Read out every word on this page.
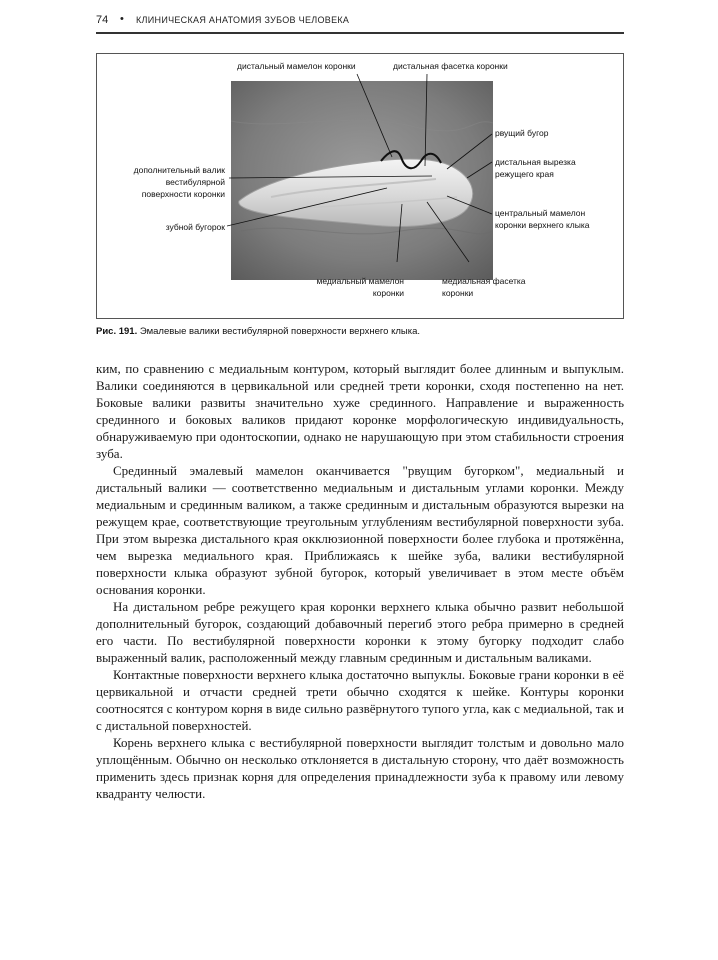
74 • КЛИНИЧЕСКАЯ АНАТОМИЯ ЗУБОВ ЧЕЛОВЕКА
дистальный мамелон коронки	дистальная фасетка коронки
рвущий бугор
дистальная вырезка
режущего края
дополнительный валик
вестибулярной
поверхности коронки
зубной бугорок
центральный мамелон
коронки верхнего клыка
медиальный мамелон
коронки
медиальная фасетка
коронки
Рис. 191. Эмалевые валики вестибулярной поверхности верхнего клыка.

ким, по сравнению с медиальным контуром, который выглядит более длинным и выпуклым. Валики соединяются в цервикальной или средней трети коронки, сходя постепенно на нет. Боковые валики развиты значительно хуже срединного. Направление и выраженность срединного и боковых валиков придают коронке морфологическую индивидуальность, обнаруживаемую при одонтоскопии, однако не нарушающую при этом стабильности строения зуба.

Срединный эмалевый мамелон оканчивается "рвущим бугорком", медиальный и дистальный валики — соответственно медиальным и дистальным углами коронки. Между медиальным и срединным валиком, а также срединным и дистальным образуются вырезки на режущем крае, соответствующие треугольным углублениям вестибулярной поверхности зуба. При этом вырезка дистального края окклюзионной поверхности более глубока и протяжённа, чем вырезка медиального края. Приближаясь к шейке зуба, валики вестибулярной поверхности клыка образуют зубной бугорок, который увеличивает в этом месте объём основания коронки.

На дистальном ребре режущего края коронки верхнего клыка обычно развит небольшой дополнительный бугорок, создающий добавочный перегиб этого ребра примерно в средней его части. По вестибулярной поверхности коронки к этому бугорку подходит слабо выраженный валик, расположенный между главным срединным и дистальным валиками.

Контактные поверхности верхнего клыка достаточно выпуклы. Боковые грани коронки в её цервикальной и отчасти средней трети обычно сходятся к шейке. Контуры коронки соотносятся с контуром корня в виде сильно развёрнутого тупого угла, как с медиальной, так и с дистальной поверхностей.

Корень верхнего клыка с вестибулярной поверхности выглядит толстым и довольно мало уплощённым. Обычно он несколько отклоняется в дистальную сторону, что даёт возможность применить здесь признак корня для определения принадлежности зуба к правому или левому квадранту челюсти.
